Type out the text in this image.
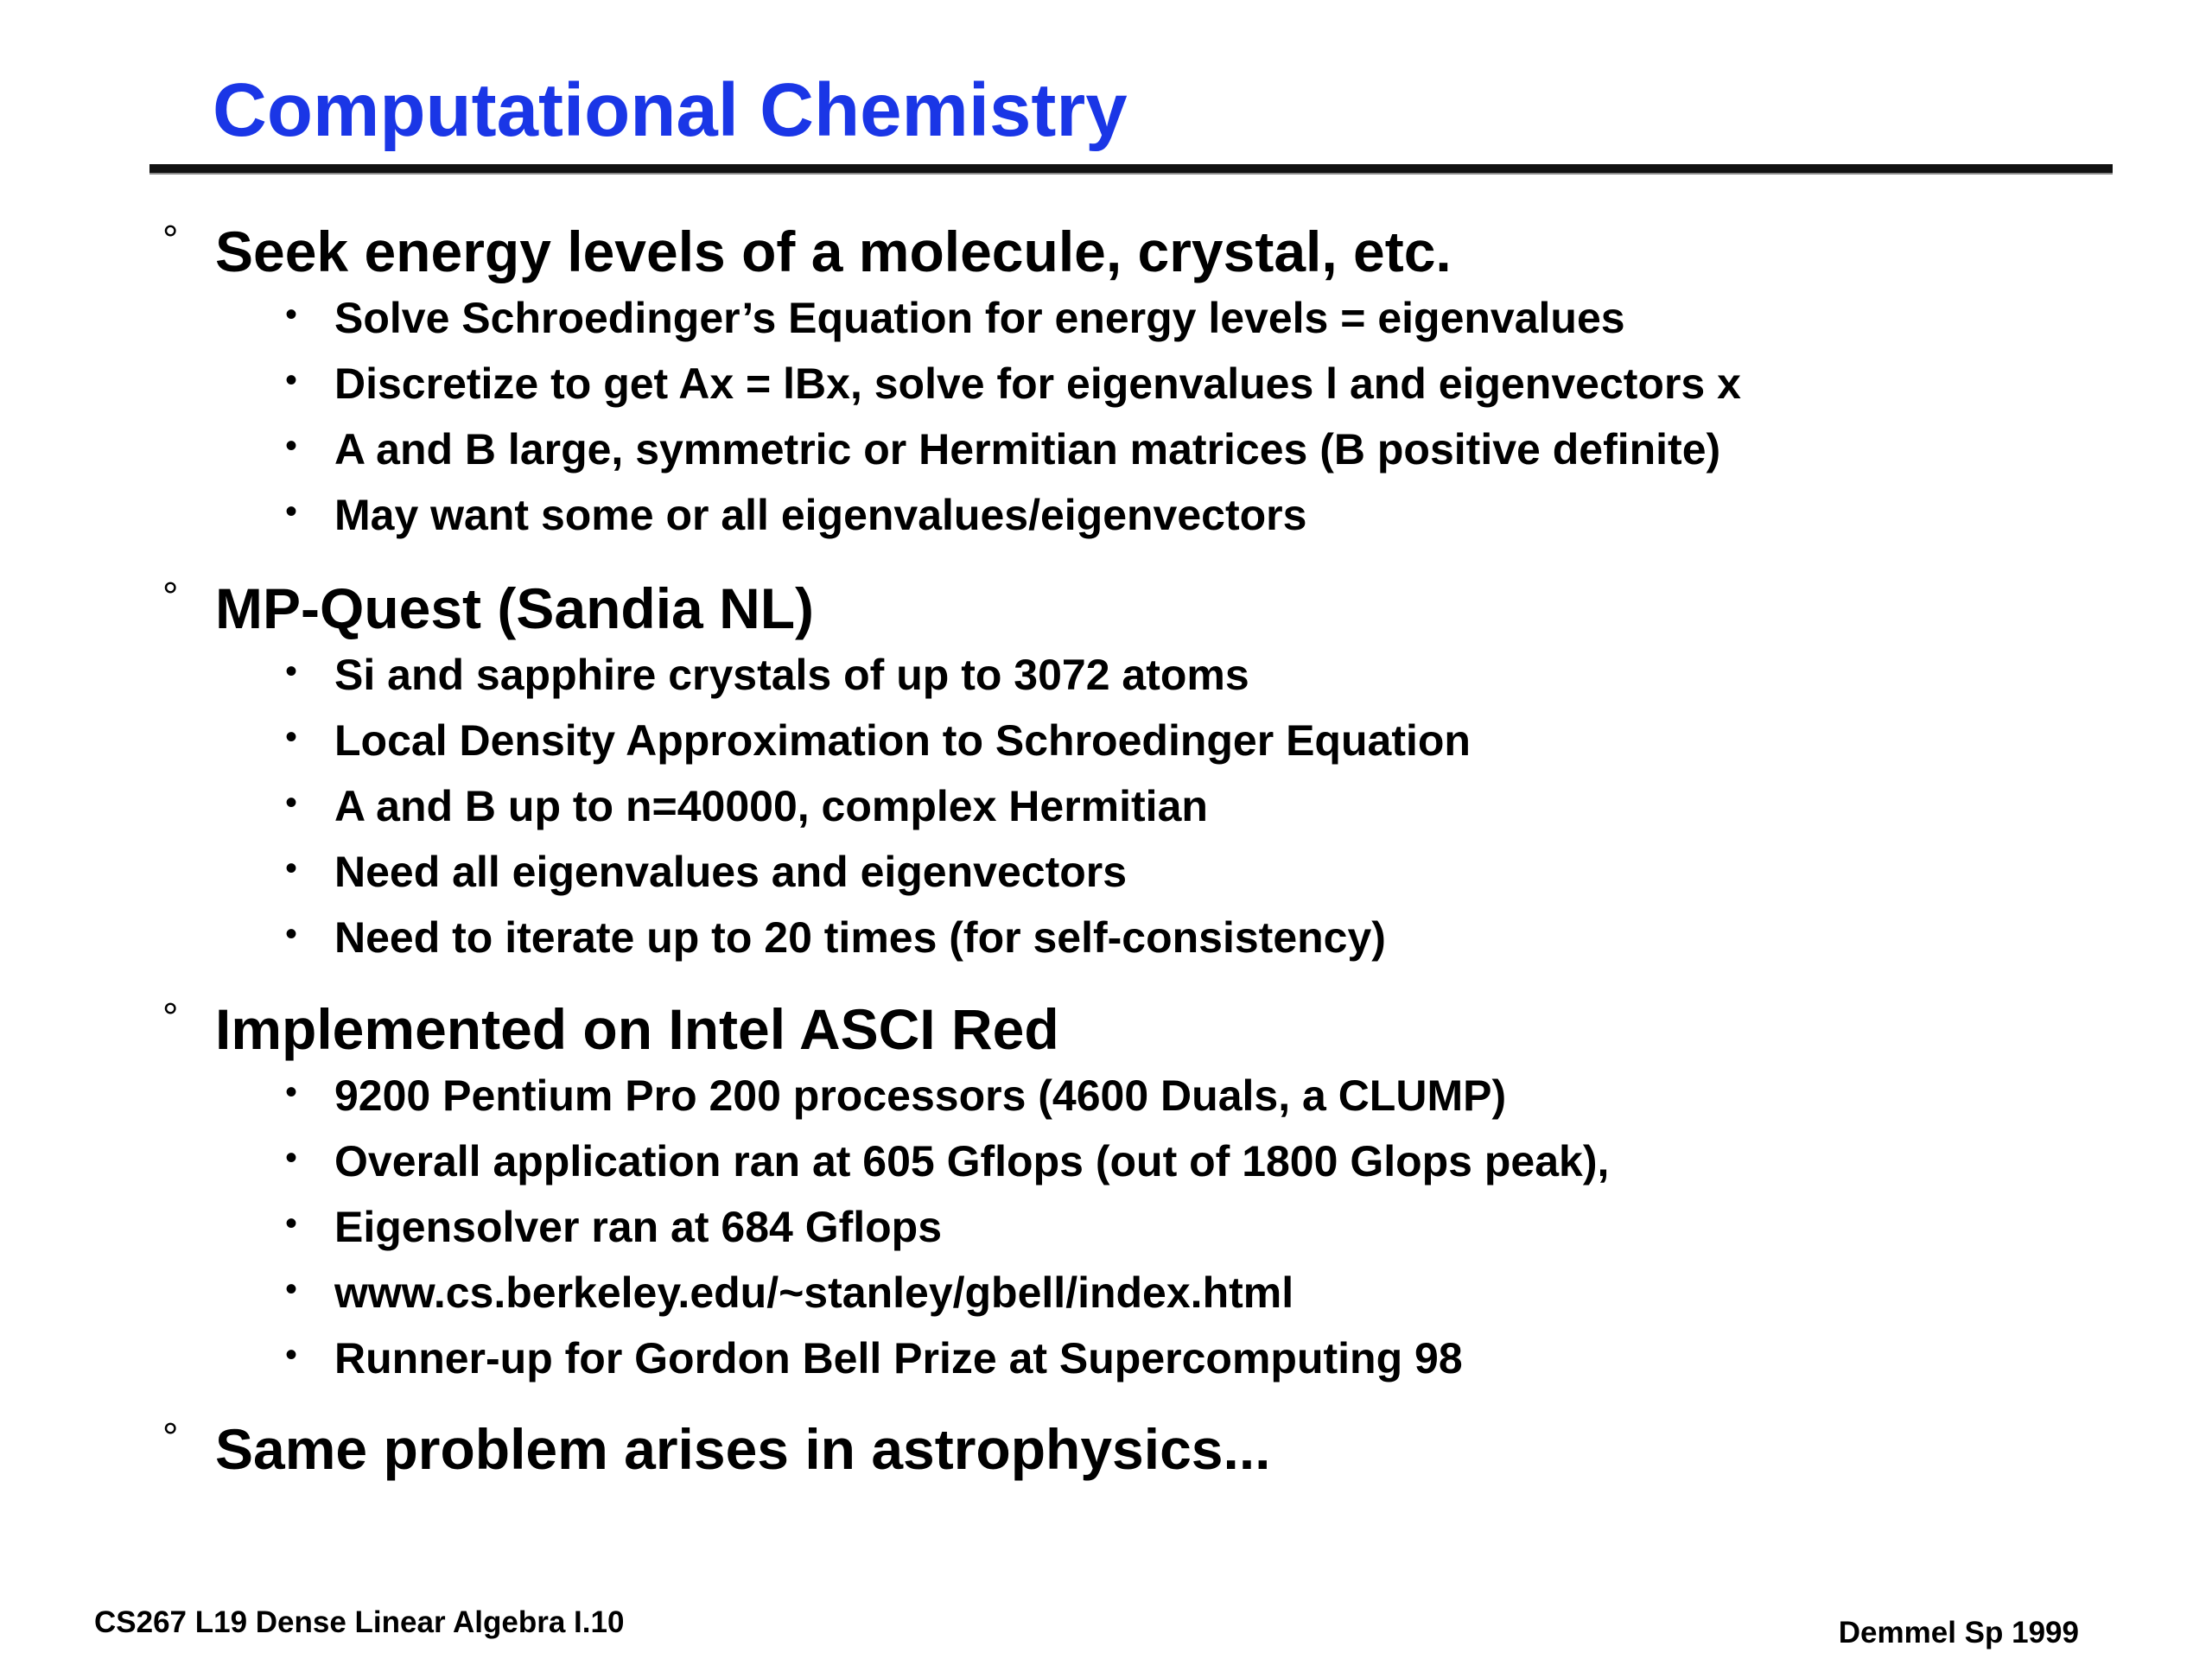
Computational Chemistry
° Seek energy levels of a molecule, crystal, etc.
• Solve Schroedinger’s Equation for energy levels = eigenvalues
• Discretize to get Ax = lBx, solve for eigenvalues l and eigenvectors x
• A and B large, symmetric or Hermitian matrices (B positive definite)
• May want some or all eigenvalues/eigenvectors
° MP-Quest (Sandia NL)
• Si and sapphire crystals of up to 3072 atoms
• Local Density Approximation to Schroedinger Equation
• A and B up to n=40000, complex Hermitian
• Need all eigenvalues and eigenvectors
• Need to iterate up to 20 times (for self-consistency)
° Implemented on Intel ASCI Red
• 9200 Pentium Pro 200 processors (4600 Duals, a CLUMP)
• Overall application ran at 605 Gflops (out of 1800 Glops peak),
• Eigensolver ran at 684 Gflops
• www.cs.berkeley.edu/~stanley/gbell/index.html
• Runner-up for Gordon Bell Prize at Supercomputing 98
° Same problem arises in astrophysics...
CS267 L19 Dense Linear Algebra I.10	Demmel Sp 1999
